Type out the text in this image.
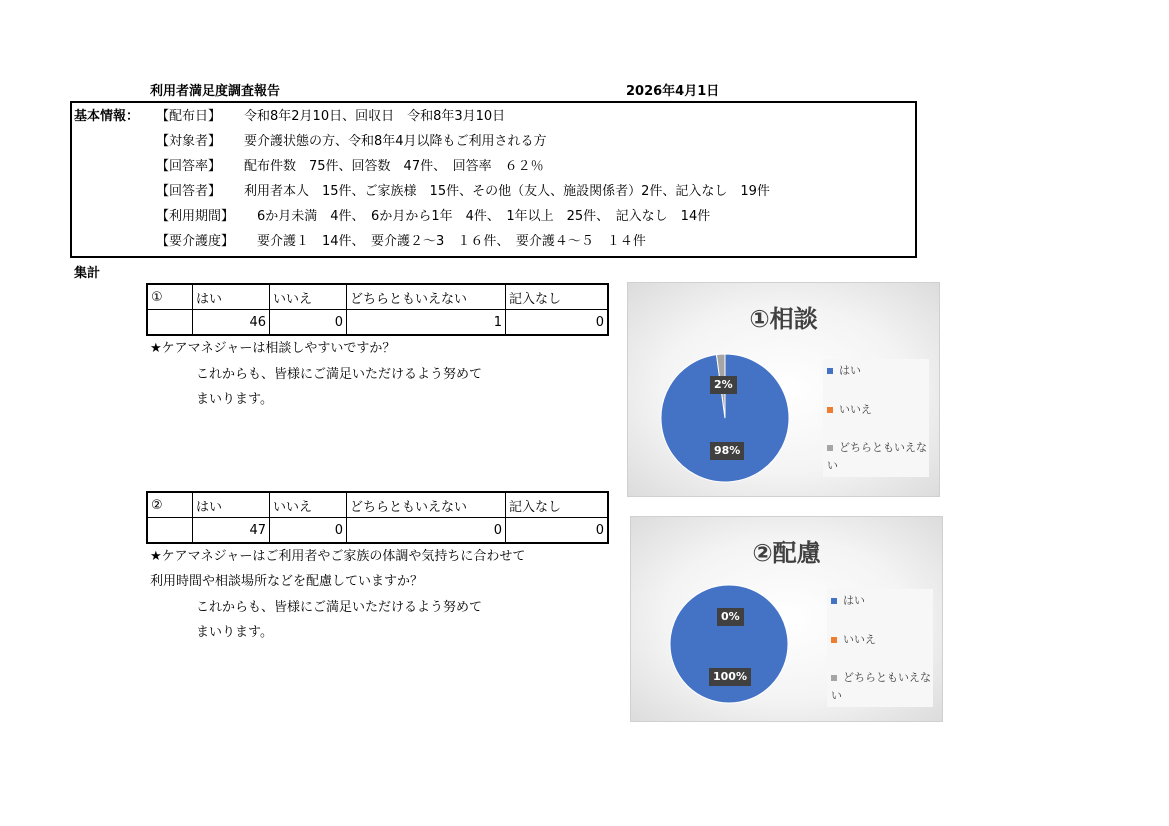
利用者満足度調査報告	2026年4月1日
基本情報： 【配布日】 令和8年2月10日、回収日　令和8年3月10日
【対象者】 要介護状態の方、令和8年4月以降もご利用される方
【回答率】 配布件数　75件、回答数　47件、　回答率　６２％
【回答者】 利用者本人　15件、ご家族様　15件、その他（友人、施設関係者）2件、記入なし　19件
【利用期間】 　6か月未満　4件、　6か月から1年　4件、　1年以上　25件、　記入なし　14件
【要介護度】 　要介護１　14件、　要介護２〜3　１６件、　要介護４〜５　１４件
集計
①	はい	いいえ	どちらともいえない	記入なし
	46	0	1	0
★ケアマネジャーは相談しやすいですか？
これからも、皆様にご満足いただけるよう努めて
まいります。
②	はい	いいえ	どちらともいえない	記入なし
	47	0	0	0
★ケアマネジャーはご利用者やご家族の体調や気持ちに合わせて
利用時間や相談場所などを配慮していますか？
これからも、皆様にご満足いただけるよう努めて
まいります。
①相談
2%
98%
はい
いいえ
どちらともいえない
②配慮
0%
100%
はい
いいえ
どちらともいえない
